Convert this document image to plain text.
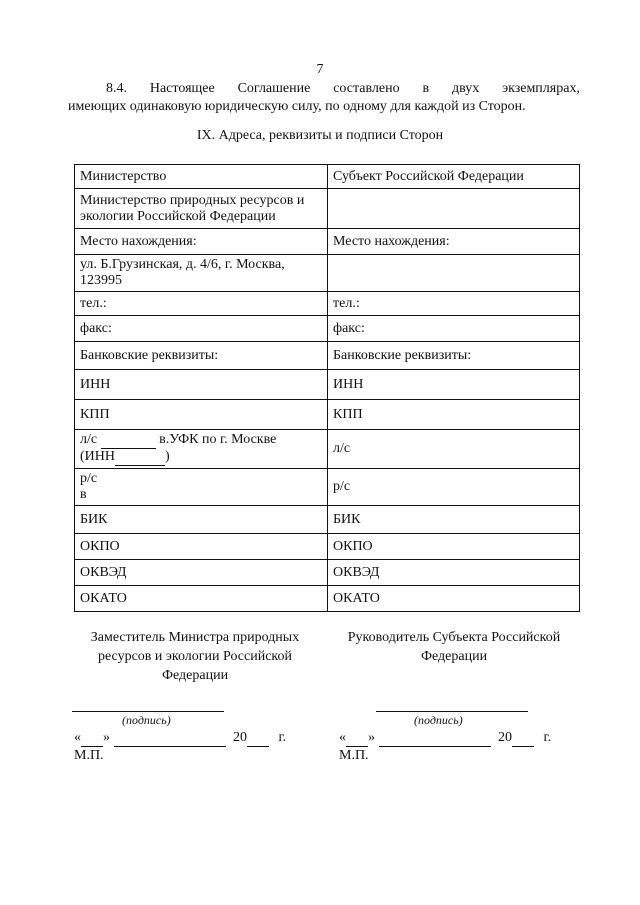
7
8.4. Настоящее Соглашение составлено в двух экземплярах,
имеющих одинаковую юридическую силу, по одному для каждой из Сторон.
IX. Адреса, реквизиты и подписи Сторон
Министерство	Субъект Российской Федерации
Министерство природных ресурсов и экологии Российской Федерации	
Место нахождения:	Место нахождения:
ул. Б.Грузинская, д. 4/6, г. Москва, 123995	
тел.:	тел.:
факс:	факс:
Банковские реквизиты:	Банковские реквизиты:
ИНН	ИНН
КПП	КПП
л/с в.УФК по г. Москве
(ИНН )	л/с
р/с
в	р/с
БИК	БИК
ОКПО	ОКПО
ОКВЭД	ОКВЭД
ОКАТО	ОКАТО
Заместитель Министра природных ресурсов и экологии Российской Федерации
Руководитель Субъекта Российской Федерации
(подпись)
« »	20 г.
М.П.
(подпись)
« »	20 г.
М.П.
